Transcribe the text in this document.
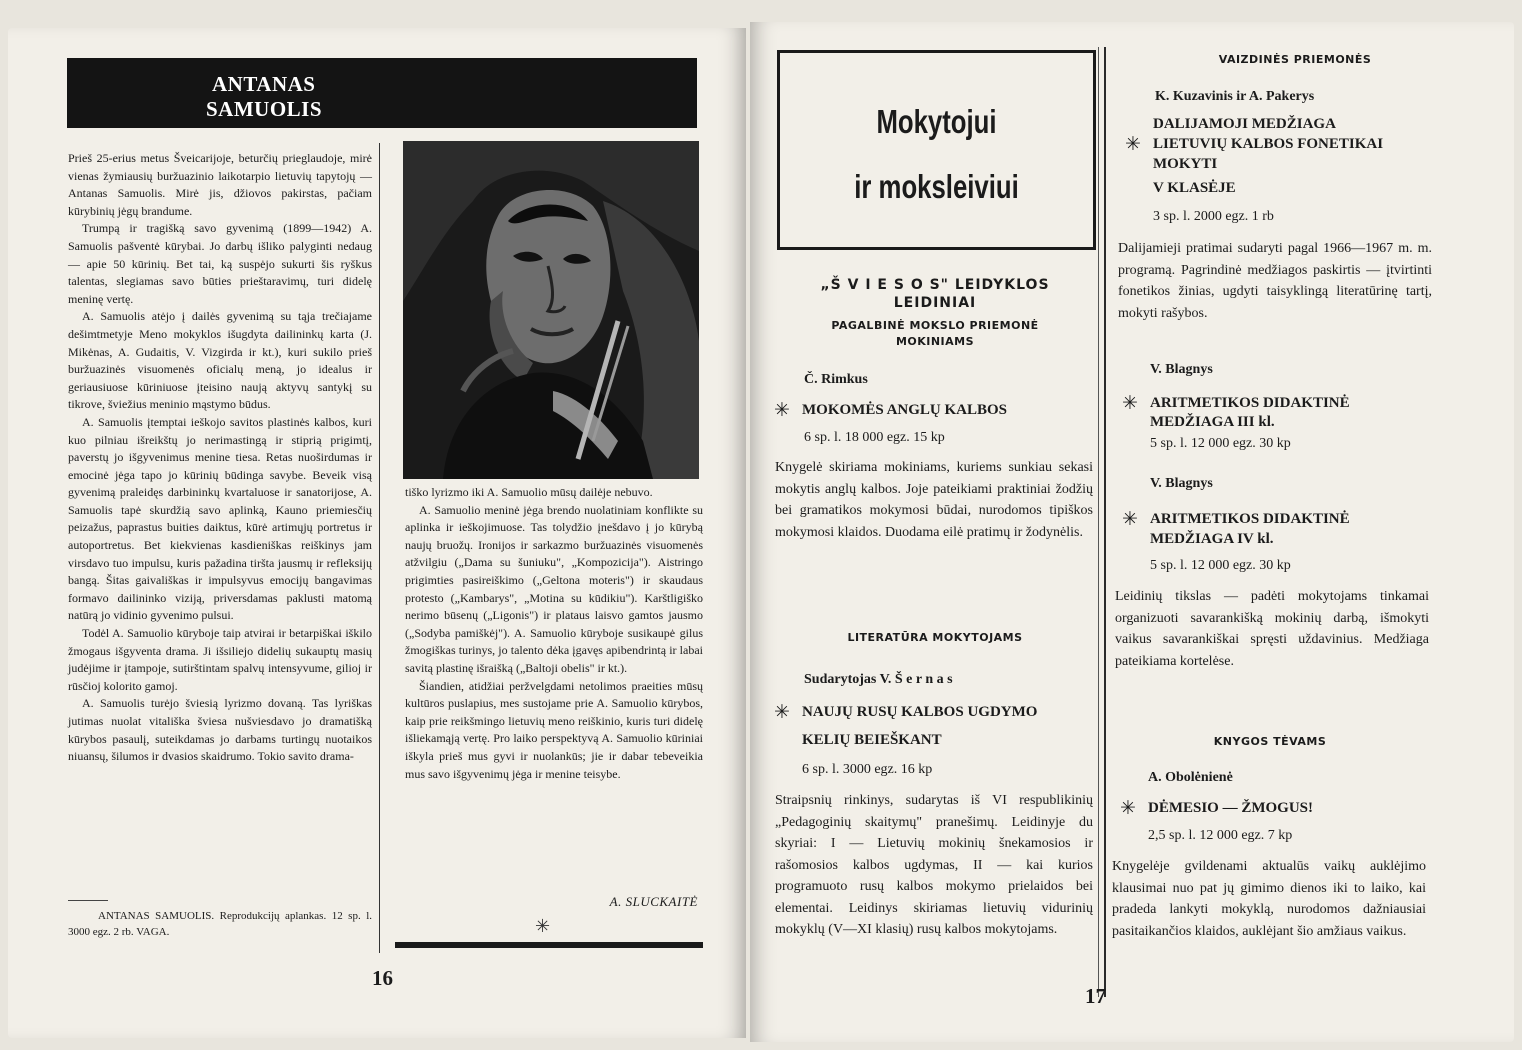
ANTANAS
SAMUOLIS

Prieš 25-erius metus Šveicarijoje, beturčių prieglaudoje, mirė vienas žymiausių buržuazinio laikotarpio lietuvių tapytojų — Antanas Samuolis. Mirė jis, džiovos pakirstas, pačiam kūrybinių jėgų brandume.

Trumpą ir tragišką savo gyvenimą (1899—1942) A. Samuolis pašventė kūrybai. Jo darbų išliko palyginti nedaug — apie 50 kūrinių. Bet tai, ką suspėjo sukurti šis ryškus talentas, slegiamas savo būties prieštaravimų, turi didelę meninę vertę.

A. Samuolis atėjo į dailės gyvenimą su tąja trečiajame dešimtmetyje Meno mokyklos išugdyta dailininkų karta (J. Mikėnas, A. Gudaitis, V. Vizgirda ir kt.), kuri sukilo prieš buržuazinės visuomenės oficialų meną, jo idealus ir geriausiuose kūriniuose įteisino naują aktyvų santykį su tikrove, šviežius meninio mąstymo būdus.

A. Samuolis įtemptai ieškojo savitos plastinės kalbos, kuri kuo pilniau išreikštų jo nerimastingą ir stiprią prigimtį, paverstų jo išgyvenimus menine tiesa. Retas nuoširdumas ir emocinė jėga tapo jo kūrinių būdinga savybe. Beveik visą gyvenimą praleidęs darbininkų kvartaluose ir sanatorijose, A. Samuolis tapė skurdžią savo aplinką, Kauno priemiesčių peizažus, paprastus buities daiktus, kūrė artimųjų portretus ir autoportretus. Bet kiekvienas kasdieniškas reiškinys jam virsdavo tuo impulsu, kuris pažadina tiršta jausmų ir refleksijų bangą. Šitas gaivališkas ir impulsyvus emocijų bangavimas formavo dailininko viziją, priversdamas paklusti matomą natūrą jo vidinio gyvenimo pulsui.

Todėl A. Samuolio kūryboje taip atvirai ir betarpiškai iškilo žmogaus išgyventa drama. Ji išsiliejo didelių sukauptų masių judėjime ir įtampoje, sutirštintam spalvų intensyvume, gilioj ir rūsčioj kolorito gamoj.

A. Samuolis turėjo šviesią lyrizmo dovaną. Tas lyriškas jutimas nuolat vitališka šviesa nušviesdavo jo dramatišką kūrybos pasaulį, suteikdamas jo darbams turtingų nuotaikos niuansų, šilumos ir dvasios skaidrumo. Tokio savito drama-

ANTANAS SAMUOLIS. Reprodukcijų aplankas. 12 sp. l. 3000 egz. 2 rb. VAGA.

tiško lyrizmo iki A. Samuolio mūsų dailėje nebuvo.

A. Samuolio meninė jėga brendo nuolatiniam konflikte su aplinka ir ieškojimuose. Tas tolydžio įnešdavo į jo kūrybą naujų bruožų. Ironijos ir sarkazmo buržuazinės visuomenės atžvilgiu („Dama su šuniuku", „Kompozicija"). Aistringo prigimties pasireiškimo („Geltona moteris") ir skaudaus protesto („Kambarys", „Motina su kūdikiu"). Karštligiško nerimo būsenų („Ligonis") ir plataus laisvo gamtos jausmo („Sodyba pamiškėj"). A. Samuolio kūryboje susikaupė gilus žmogiškas turinys, jo talento dėka įgavęs apibendrintą ir labai savitą plastinę išraišką („Baltoji obelis" ir kt.).

Šiandien, atidžiai peržvelgdami netolimos praeities mūsų kultūros puslapius, mes sustojame prie A. Samuolio kūrybos, kaip prie reikšmingo lietuvių meno reiškinio, kuris turi didelę išliekamąją vertę. Pro laiko perspektyvą A. Samuolio kūriniai iškyla prieš mus gyvi ir nuolankūs; jie ir dabar tebeveikia mus savo išgyvenimų jėga ir menine teisybe.

A. SLUCKAITĖ
✳
16
Mokytojui
ir moksleiviui
„Š V I E S O S" LEIDYKLOS LEIDINIAI
PAGALBINĖ MOKSLO PRIEMONĖ MOKINIAMS
Č. Rimkus
✳ MOKOMĖS ANGLŲ KALBOS
6 sp. l. 18 000 egz. 15 kp
Knygelė skiriama mokiniams, kuriems sunkiau sekasi mokytis anglų kalbos. Joje pateikiami praktiniai žodžių bei gramatikos mokymosi būdai, nurodomos tipiškos mokymosi klaidos. Duodama eilė pratimų ir žodynėlis.
LITERATŪRA MOKYTOJAMS
Sudarytojas V. Š e r n a s
✳ NAUJŲ RUSŲ KALBOS UGDYMO
KELIŲ BEIEŠKANT
6 sp. l. 3000 egz. 16 kp
Straipsnių rinkinys, sudarytas iš VI respublikinių „Pedagoginių skaitymų" pranešimų. Leidinyje du skyriai: I — Lietuvių mokinių šnekamosios ir rašomosios kalbos ugdymas, II — kai kurios programuoto rusų kalbos mokymo prielaidos bei elementai. Leidinys skiriamas lietuvių vidurinių mokyklų (V—XI klasių) rusų kalbos mokytojams.
17
VAIZDINĖS PRIEMONĖS
K. Kuzavinis ir A. Pakerys
DALIJAMOJI MEDŽIAGA
✳ LIETUVIŲ KALBOS FONETIKAI
MOKYTI
V KLASĖJE
3 sp. l. 2000 egz. 1 rb
Dalijamieji pratimai sudaryti pagal 1966—1967 m. m. programą. Pagrindinė medžiagos paskirtis — įtvirtinti fonetikos žinias, ugdyti taisyklingą literatūrinę tartį, mokyti rašybos.
V. Blagnys
✳ ARITMETIKOS DIDAKTINĖ
MEDŽIAGA III kl.
5 sp. l. 12 000 egz. 30 kp
V. Blagnys
✳ ARITMETIKOS DIDAKTINĖ
MEDŽIAGA IV kl.
5 sp. l. 12 000 egz. 30 kp
Leidinių tikslas — padėti mokytojams tinkamai organizuoti savarankišką mokinių darbą, išmokyti vaikus savarankiškai spręsti uždavinius. Medžiaga pateikiama kortelėse.
KNYGOS TĖVAMS
A. Obolėnienė
✳ DĖMESIO — ŽMOGUS!
2,5 sp. l. 12 000 egz. 7 kp
Knygelėje gvildenami aktualūs vaikų auklėjimo klausimai nuo pat jų gimimo dienos iki to laiko, kai pradeda lankyti mokyklą, nurodomos dažniausiai pasitaikančios klaidos, auklėjant šio amžiaus vaikus.
